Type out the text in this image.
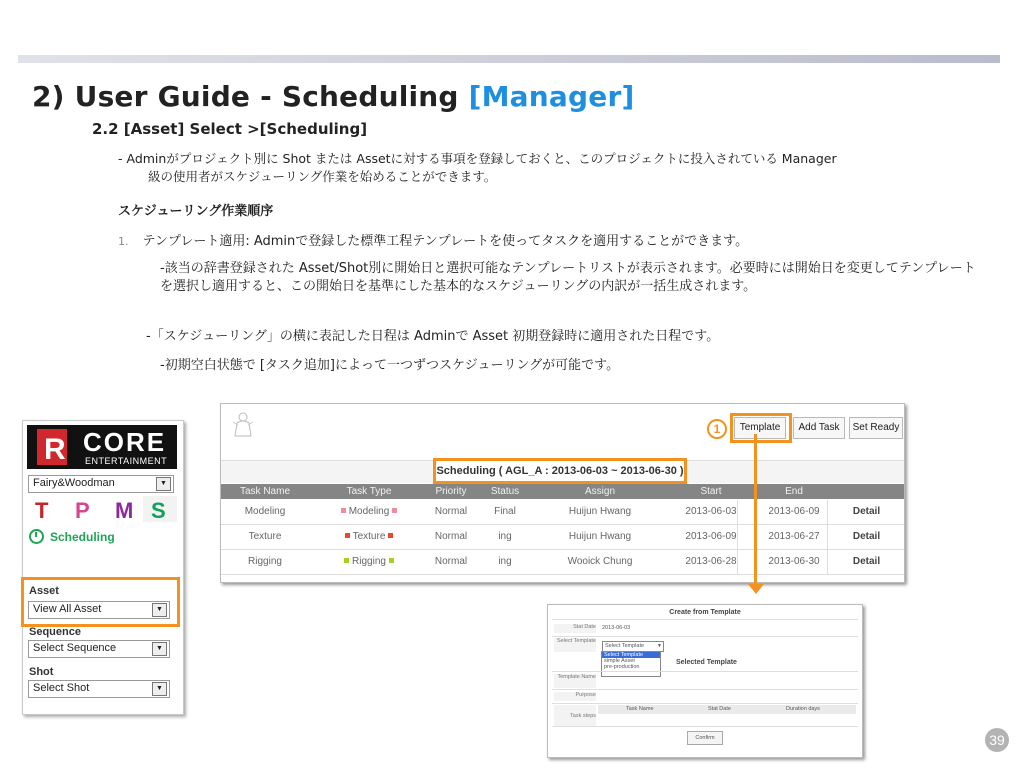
2) User Guide - Scheduling [Manager]
2.2 [Asset] Select >[Scheduling]
- Adminがプロジェクト別に Shot または Assetに対する事項を登録しておくと、このプロジェクトに投入されている Manager
級の使用者がスケジューリング作業を始めることができます。
スケジューリング作業順序
1. テンプレート適用: Adminで登録した標準工程テンプレートを使ってタスクを適用することができます。
-該当の辞書登録された Asset/Shot別に開始日と選択可能なテンプレートリストが表示されます。必要時には開始日を変更してテンプレートを選択し適用すると、この開始日を基準にした基本的なスケジューリングの内訳が一括生成されます。
-「スケジューリング」の横に表記した日程は Adminで Asset 初期登録時に適用された日程です。
-初期空白状態で [タスク追加]によって一つずつスケジューリングが可能です。
R CORE
ENTERTAINMENT
Fairy&Woodman	▼
T P M S
Scheduling
Asset
View All Asset	▼
Sequence
Select Sequence	▼
Shot
Select Shot	▼
1	Template	Add Task	Set Ready
Scheduling ( AGL_A : 2013-06-03 ~ 2013-06-30 )
Task Name	Task Type	Priority	Status	Assign	Start	End
Modeling	Modeling	Normal	Final	Huijun Hwang	2013-06-03	2013-06-09	Detail
Texture	Texture	Normal	ing	Huijun Hwang	2013-06-09	2013-06-27	Detail
Rigging	Rigging	Normal	ing	Wooick Chung	2013-06-28	2013-06-30	Detail
Create from Template
Stat Date 2013-06-03
Select Template
Select Template	▼
Select Template
simple Asset
pre-production
Selected Template
Template Name
Purpose
Task steps
Task Name	Stat Date	Duration days
Confirm	39
